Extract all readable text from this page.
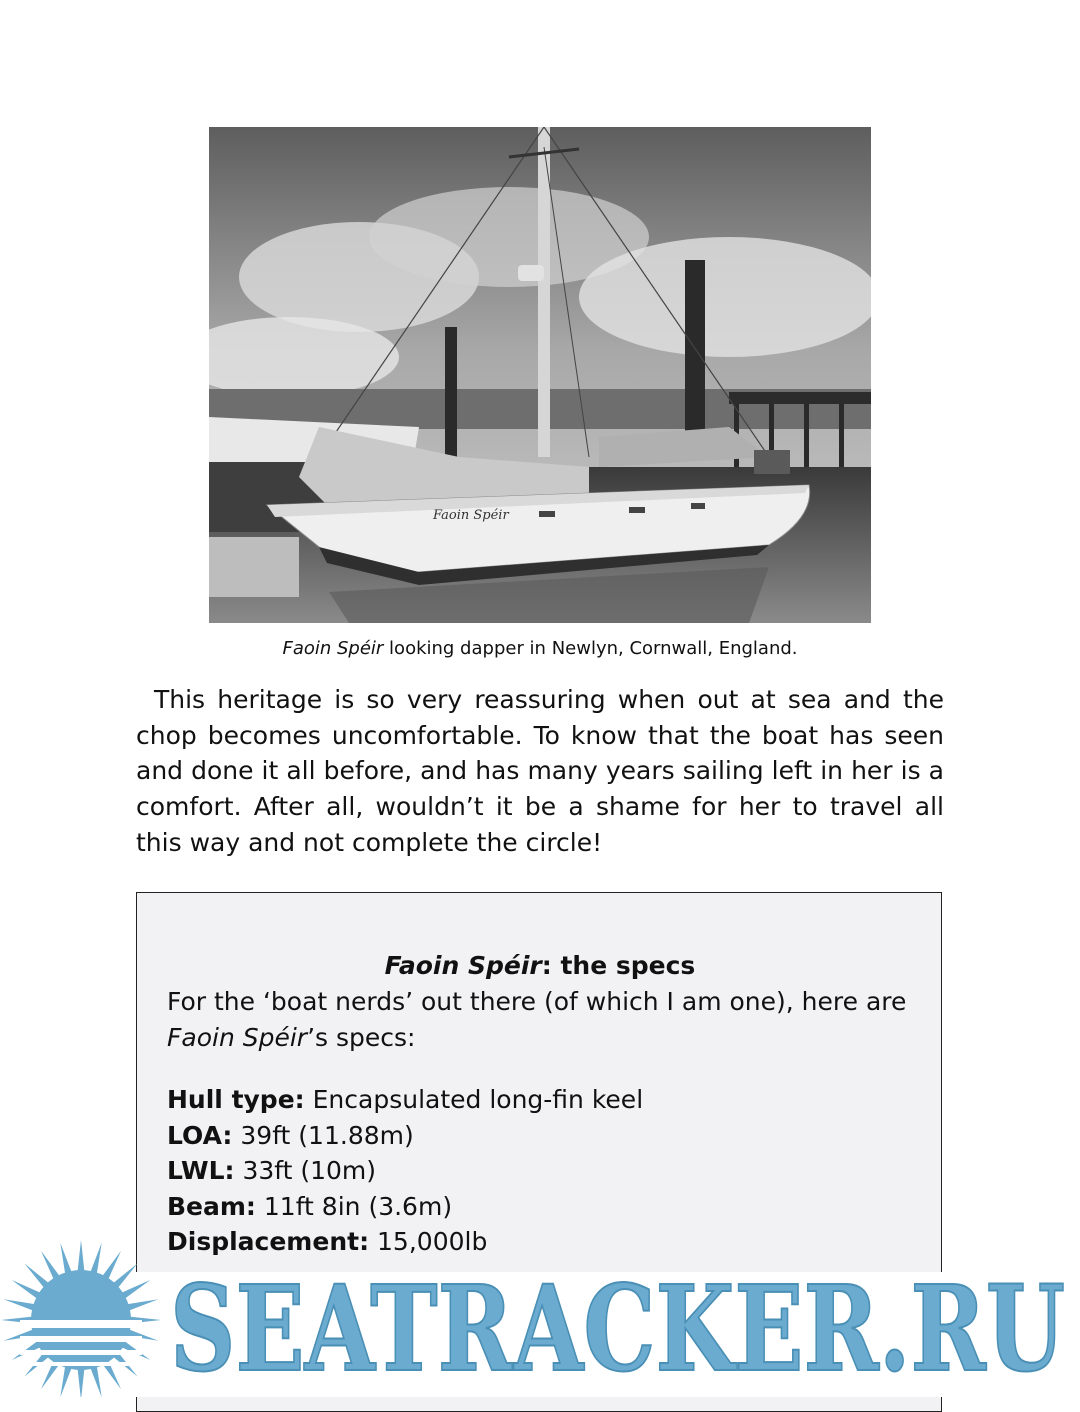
Faoin Spéir
Faoin Spéir looking dapper in Newlyn, Cornwall, England.

This heritage is so very reassuring when out at sea and the chop becomes uncomfortable. To know that the boat has seen and done it all before, and has many years sailing left in her is a comfort. After all, wouldn’t it be a shame for her to travel all this way and not complete the circle!

Faoin Spéir: the specs

For the ‘boat nerds’ out there (of which I am one), here are Faoin Spéir’s specs:

Hull type: Encapsulated long-fin keel
LOA: 39ft (11.88m)
LWL: 33ft (10m)
Beam: 11ft 8in (3.6m)
Displacement: 15,000lb
SEATRACKER.RU
